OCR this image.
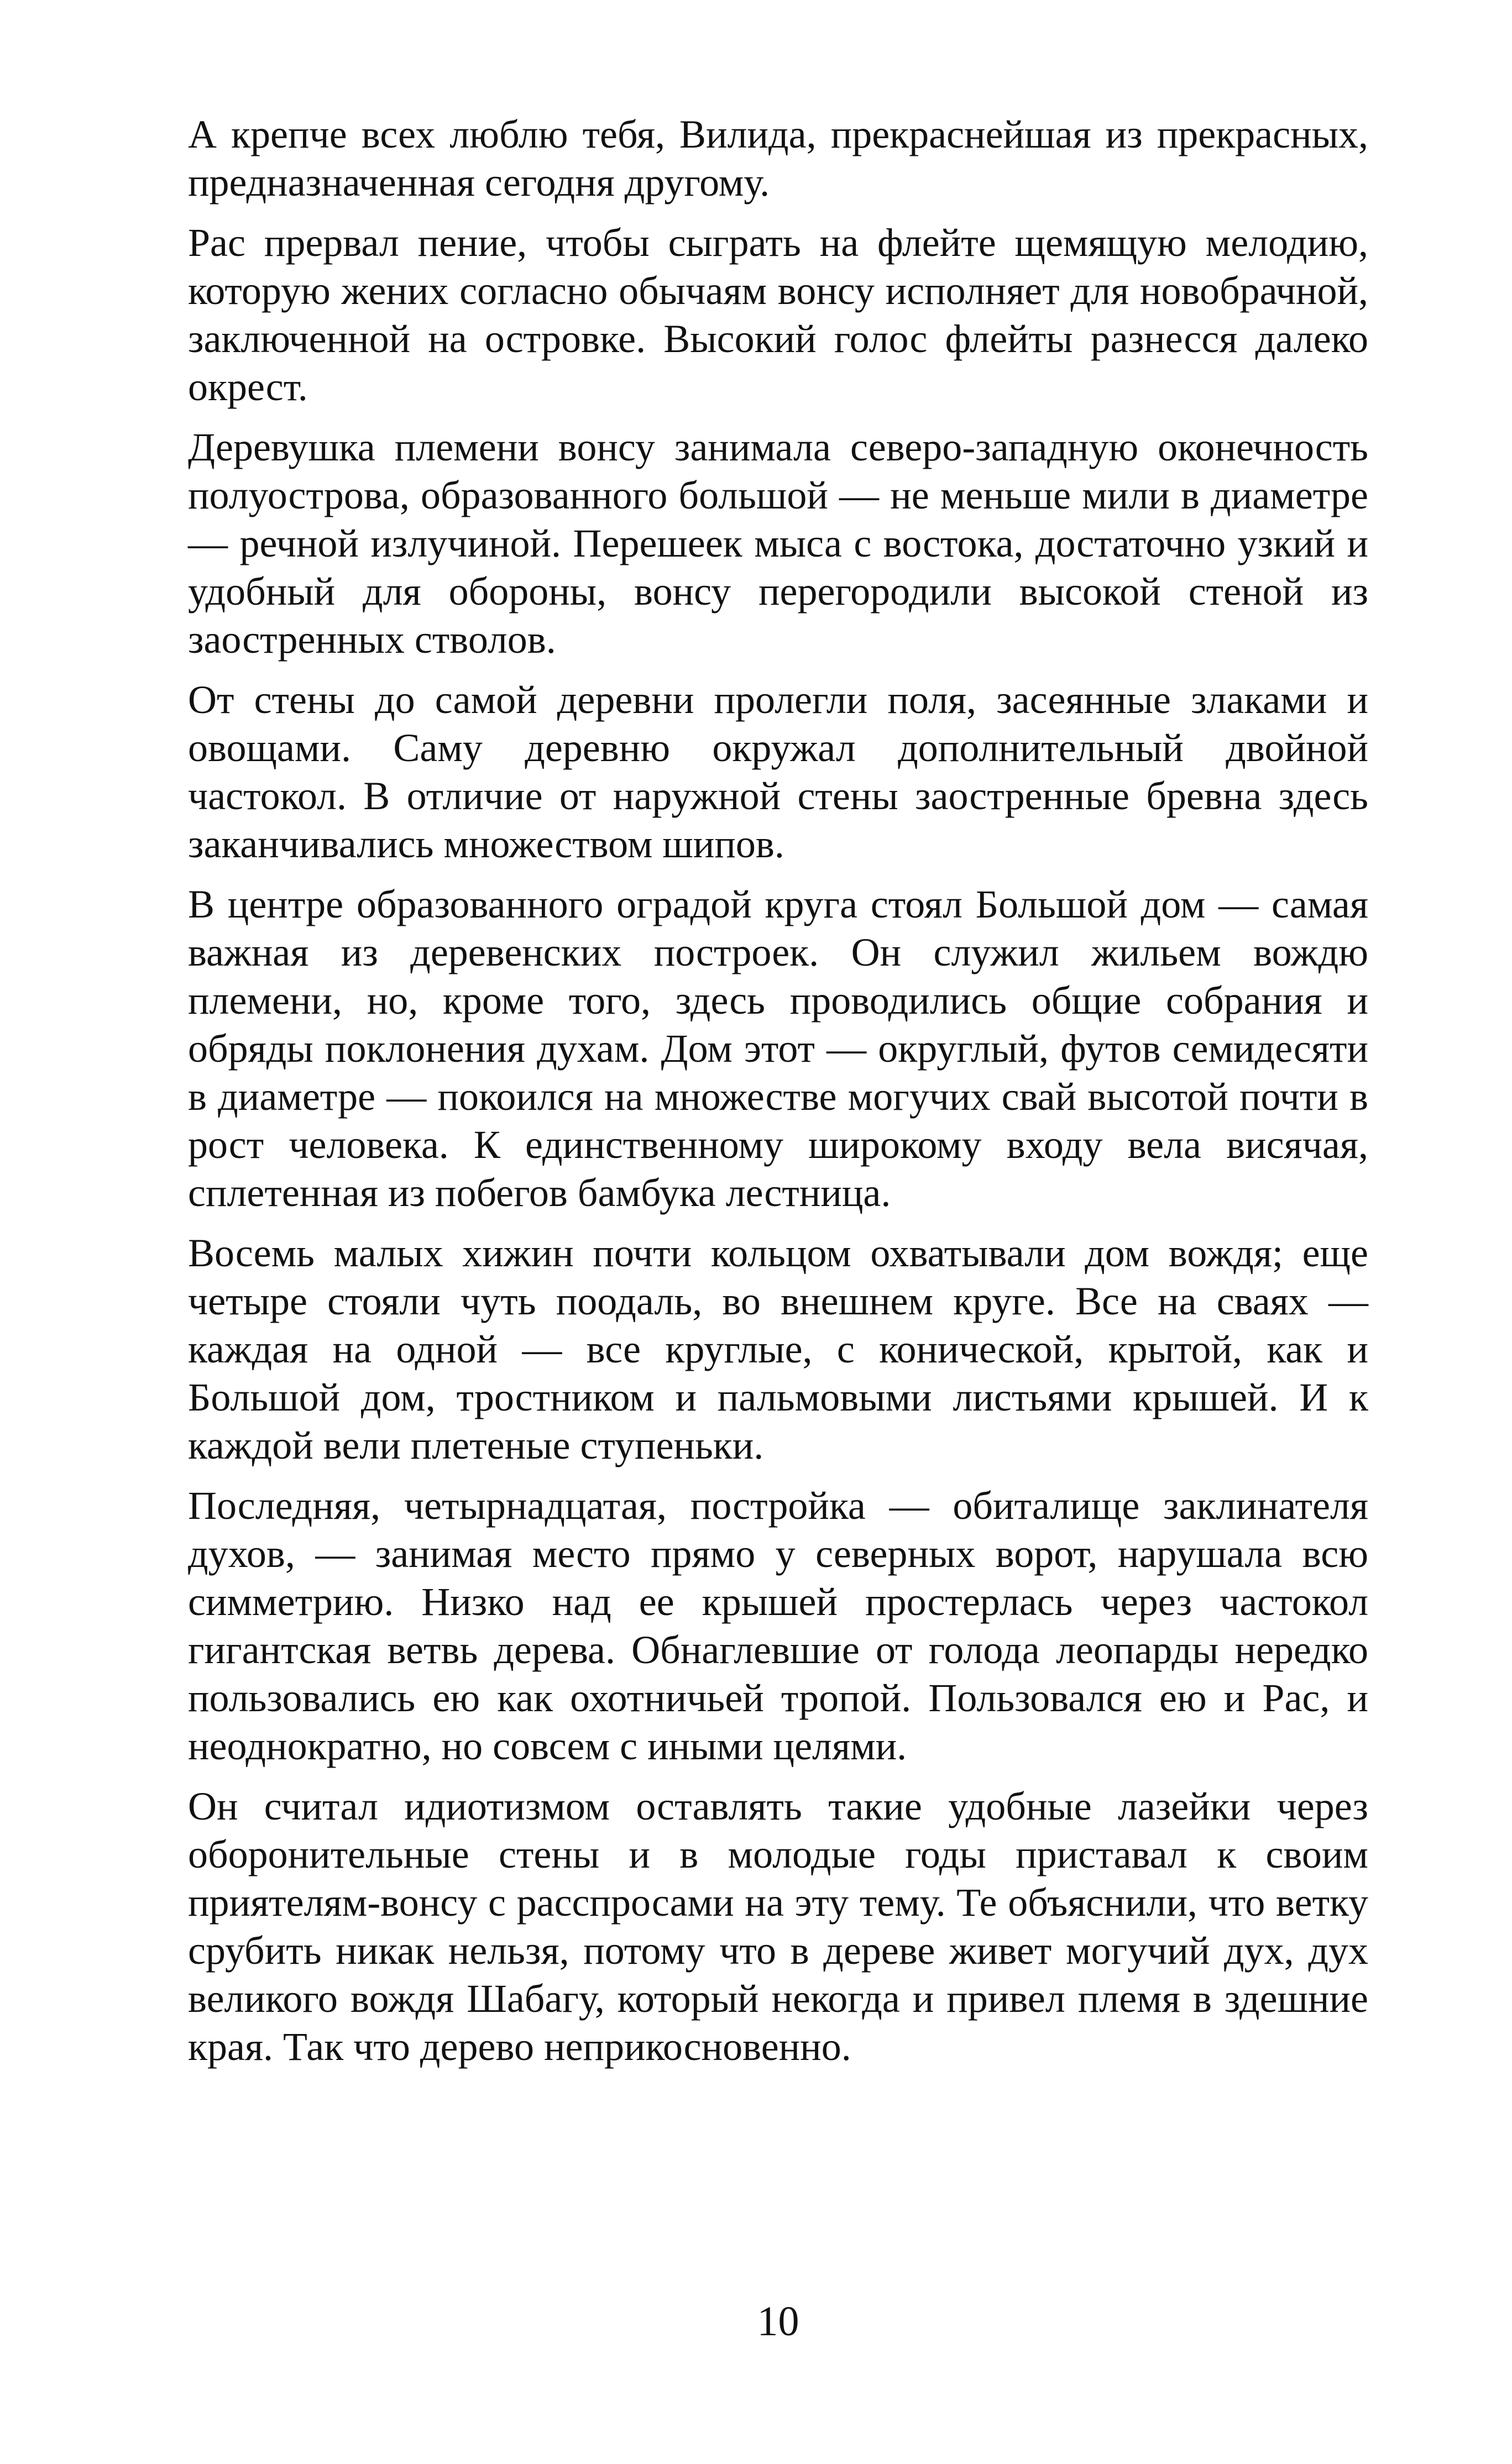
А крепче всех люблю тебя, Вилида, прекраснейшая из прекрасных, предназначенная сегодня другому.

Рас прервал пение, чтобы сыграть на флейте щемящую мелодию, которую жених согласно обычаям вонсу исполняет для новобрачной, заключенной на островке. Высокий голос флейты разнесся далеко окрест.

Деревушка племени вонсу занимала северо-западную оконечность полуострова, образованного большой — не меньше мили в диаметре — речной излучиной. Перешеек мыса с востока, достаточно узкий и удобный для обороны, вонсу перегородили высокой стеной из заостренных стволов.

От стены до самой деревни пролегли поля, засеянные злаками и овощами. Саму деревню окружал дополнительный двойной частокол. В отличие от наружной стены заостренные бревна здесь заканчивались множеством шипов.

В центре образованного оградой круга стоял Большой дом — самая важная из деревенских построек. Он служил жильем вождю племени, но, кроме того, здесь проводились общие собрания и обряды поклонения духам. Дом этот — округлый, футов семидесяти в диаметре — покоился на множестве могучих свай высотой почти в рост человека. К единственному широкому входу вела висячая, сплетенная из побегов бамбука лестница.

Восемь малых хижин почти кольцом охватывали дом вождя; еще четыре стояли чуть поодаль, во внешнем круге. Все на сваях — каждая на одной — все круглые, с конической, крытой, как и Большой дом, тростником и пальмовыми листьями крышей. И к каждой вели плетеные ступеньки.

Последняя, четырнадцатая, постройка — обиталище заклинателя духов, — занимая место прямо у северных ворот, нарушала всю симметрию. Низко над ее крышей простерлась через частокол гигантская ветвь дерева. Обнаглевшие от голода леопарды нередко пользовались ею как охотничьей тропой. Пользовался ею и Рас, и неоднократно, но совсем с иными целями.

Он считал идиотизмом оставлять такие удобные лазейки через оборонительные стены и в молодые годы приставал к своим приятелям-вонсу с расспросами на эту тему. Те объяснили, что ветку срубить никак нельзя, потому что в дереве живет могучий дух, дух великого вождя Шабагу, который некогда и привел племя в здешние края. Так что дерево неприкосновенно.

10
